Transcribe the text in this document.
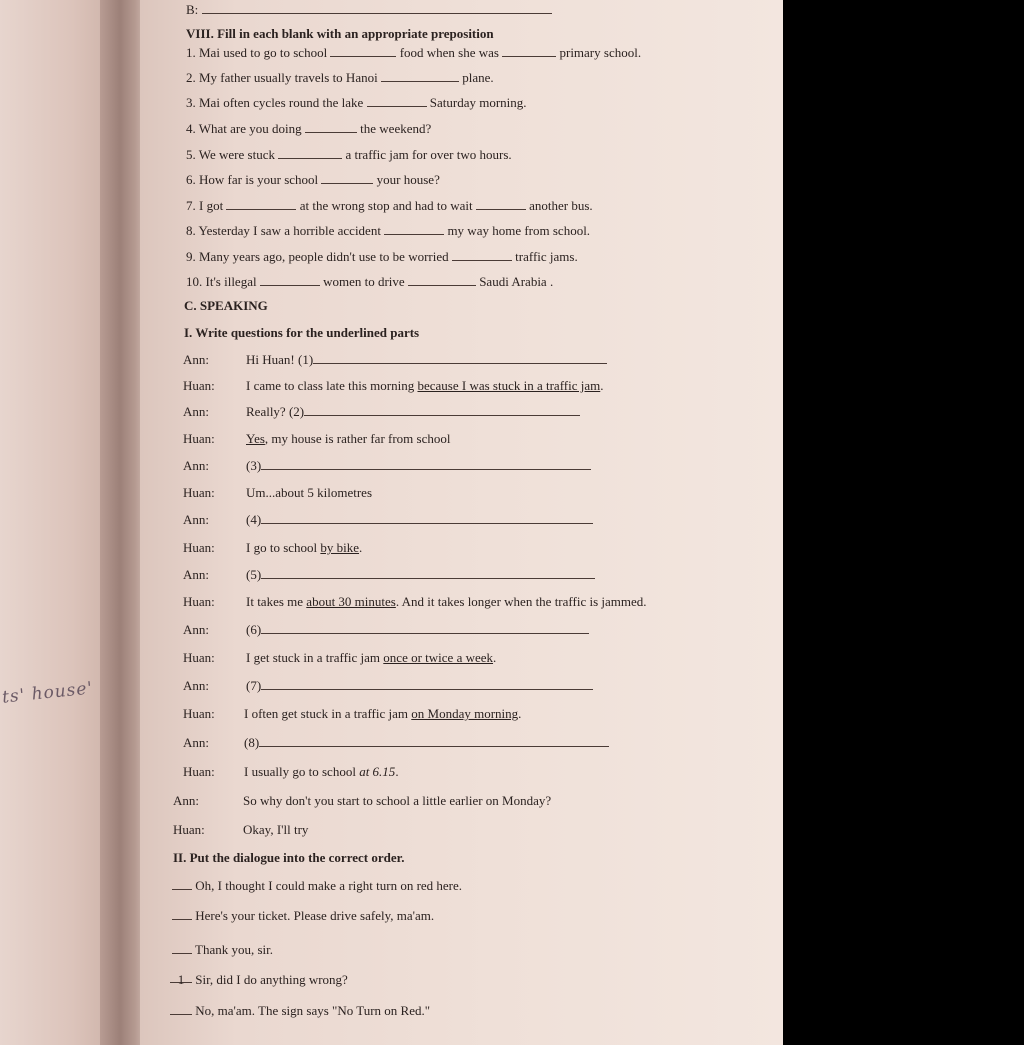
ts' house'
B:
VIII. Fill in each blank with an appropriate preposition
1. Mai used to go to school	food when she was	primary school.
2. My father usually travels to Hanoi	plane.
3. Mai often cycles round the lake	Saturday morning.
4. What are you doing	the weekend?
5. We were stuck	a traffic jam for over two hours.
6. How far is your school	your house?
7. I got	at the wrong stop and had to wait	another bus.
8. Yesterday I saw a horrible accident	my way home from school.
9. Many years ago, people didn't use to be worried	traffic jams.
10. It's illegal	women to drive	Saudi Arabia .
C. SPEAKING
I. Write questions for the underlined parts
Ann:	Hi Huan! (1)
Huan: I came to class late this morning because I was stuck in a traffic jam.
Ann:	Really? (2)
Huan: Yes, my house is rather far from school
Ann:	(3)
Huan: Um...about 5 kilometres
Ann:	(4)
Huan: I go to school by bike.
Ann:	(5)
Huan: It takes me about 30 minutes. And it takes longer when the traffic is jammed.
Ann:	(6)
Huan: I get stuck in a traffic jam once or twice a week.
Ann:	(7)
Huan: I often get stuck in a traffic jam on Monday morning.
Ann:	(8)
Huan: I usually go to school at 6.15.
Ann:	So why don't you start to school a little earlier on Monday?
Huan:	Okay, I'll try
II. Put the dialogue into the correct order.
Oh, I thought I could make a right turn on red here.
Here's your ticket. Please drive safely, ma'am.
Thank you, sir.
1 Sir, did I do anything wrong?
No, ma'am. The sign says "No Turn on Red."
